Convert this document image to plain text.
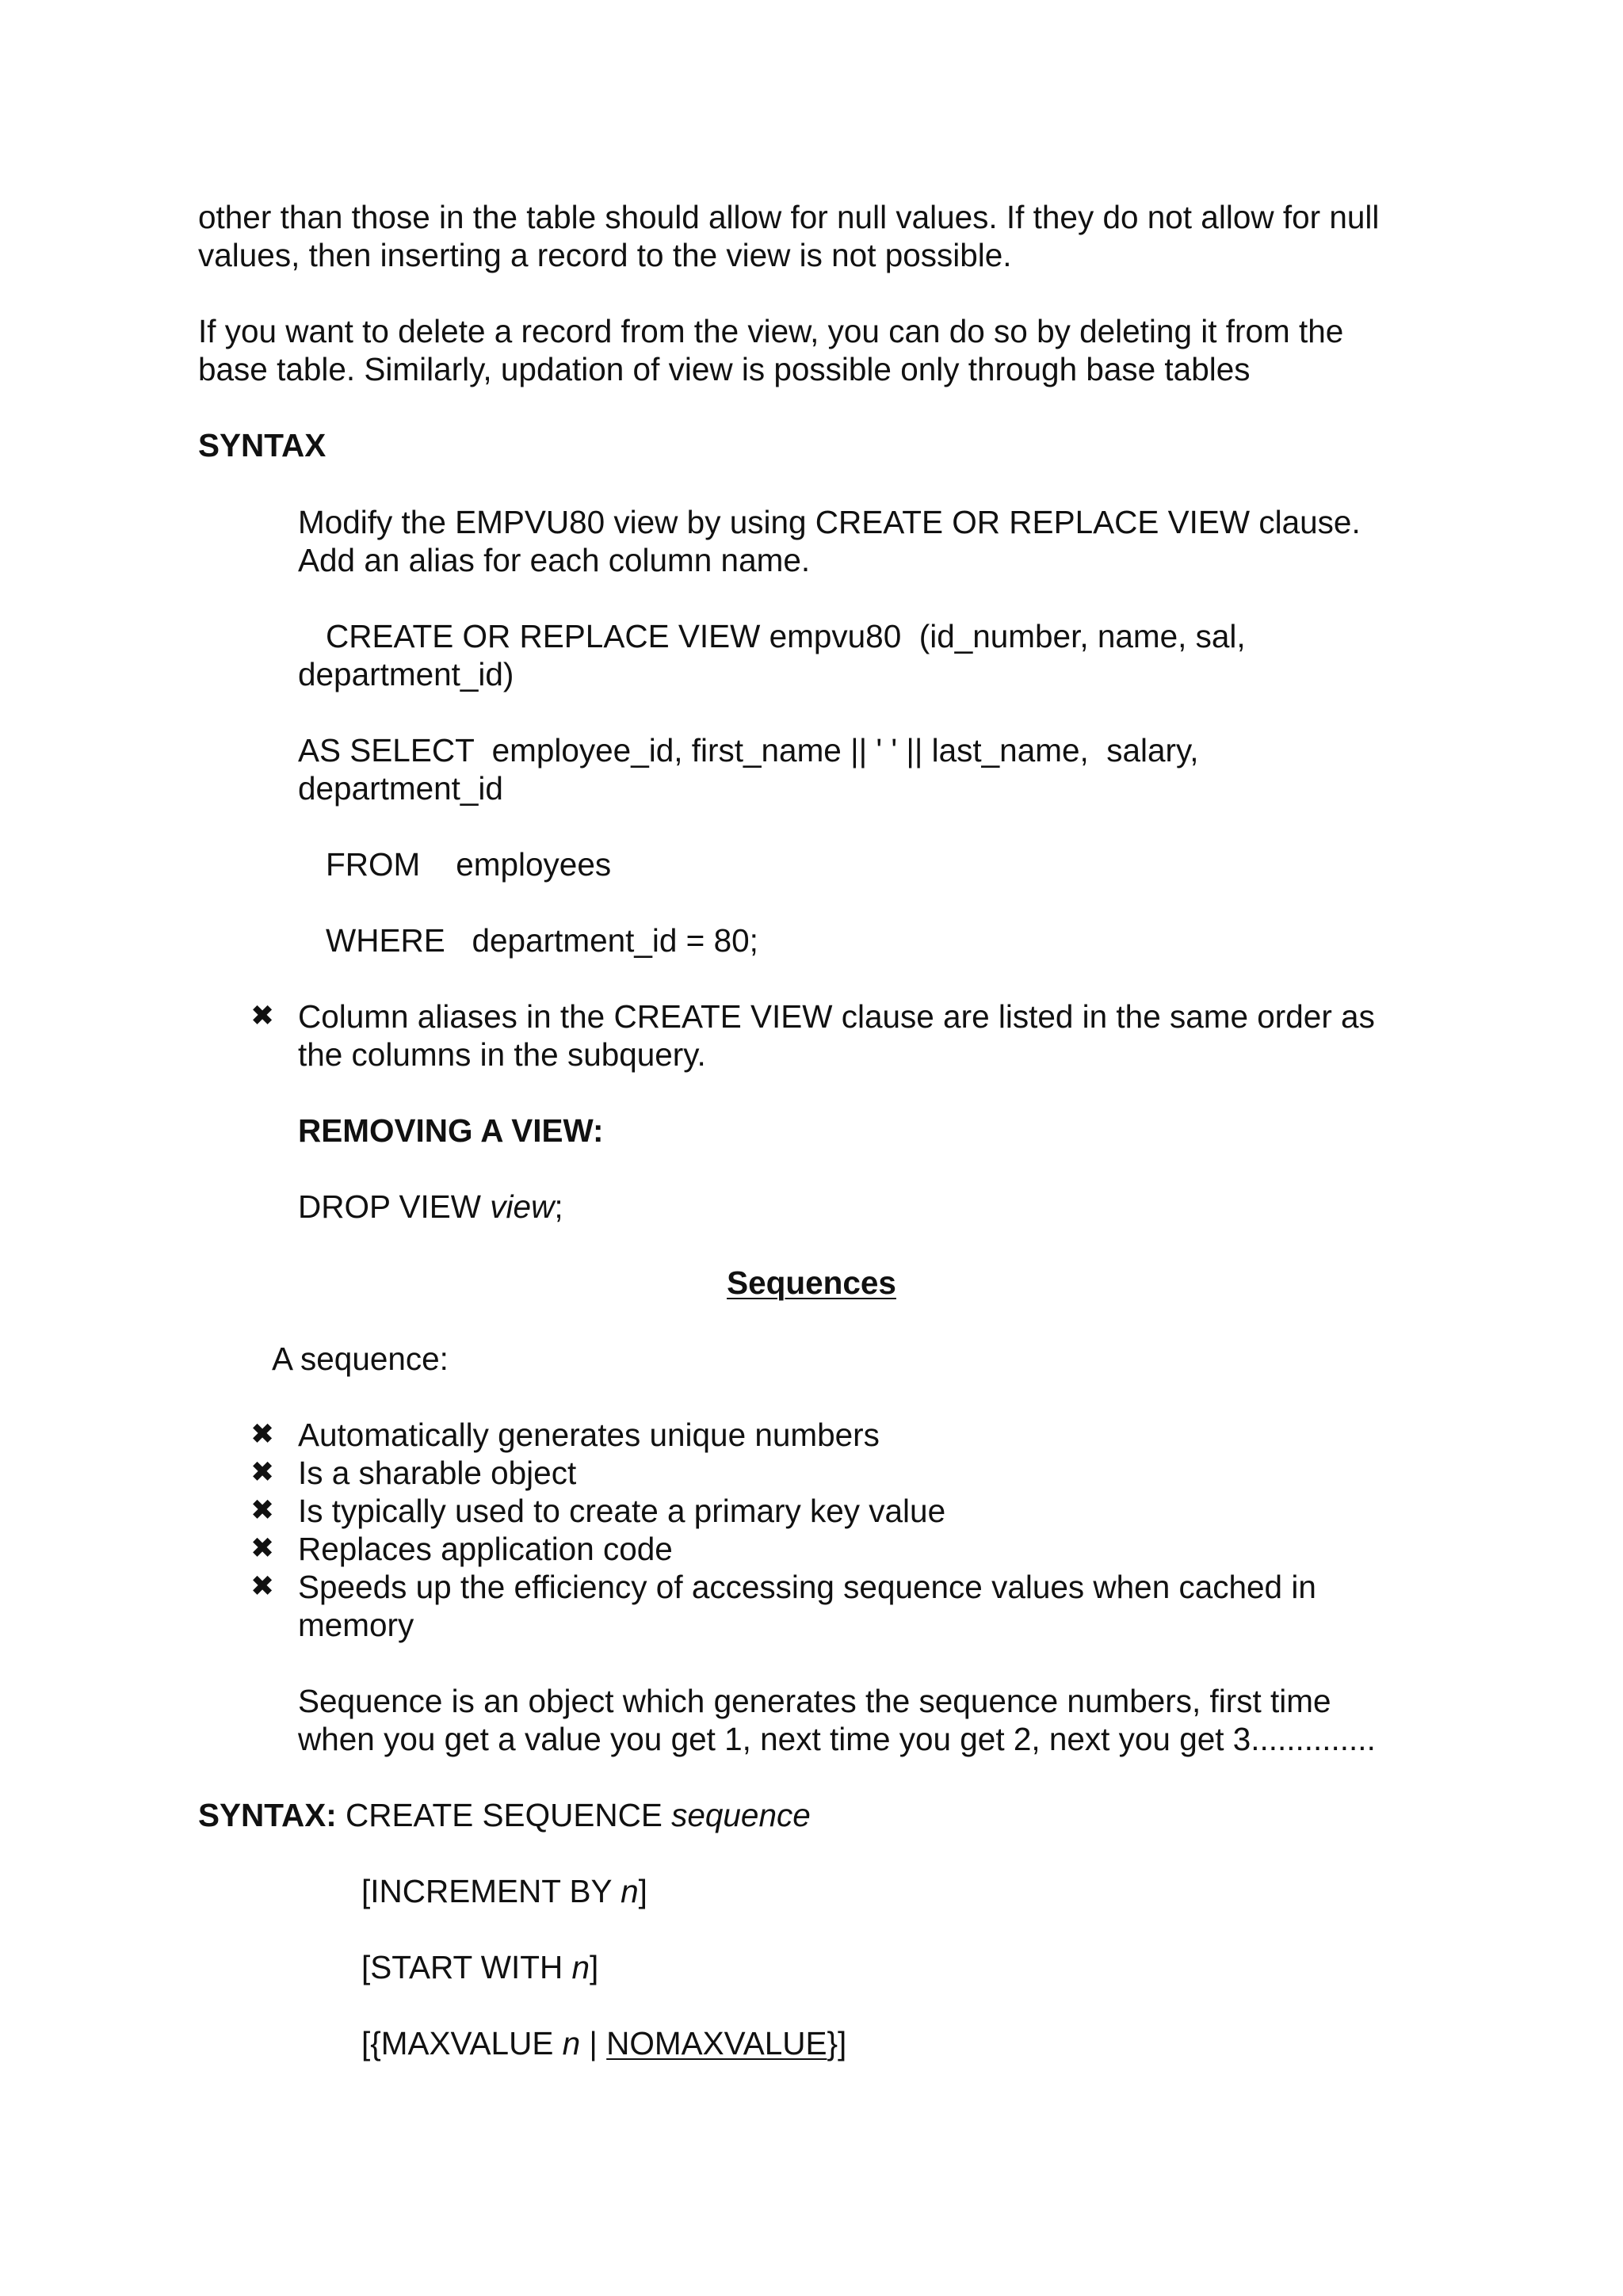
other than those in the table should allow for null values. If they do not allow for null

values, then inserting a record to the view is not possible.

If you want to delete a record from the view, you can do so by deleting it from the

base table. Similarly, updation of view is possible only through base tables

SYNTAX

Modify the EMPVU80 view by using CREATE OR REPLACE VIEW clause.

Add an alias for each column name.

CREATE OR REPLACE VIEW empvu80  (id_number, name, sal,

department_id)

AS SELECT  employee_id, first_name || ' ' || last_name,  salary,

department_id

FROM    employees

WHERE   department_id = 80;

✖ Column aliases in the CREATE VIEW clause are listed in the same order as

the columns in the subquery.

REMOVING A VIEW:

DROP VIEW view;

Sequences

A sequence:

✖ Automatically generates unique numbers

✖ Is a sharable object

✖ Is typically used to create a primary key value

✖ Replaces application code

✖ Speeds up the efficiency of accessing sequence values when cached in

memory

Sequence is an object which generates the sequence numbers, first time

when you get a value you get 1, next time you get 2, next you get 3..............

SYNTAX: CREATE SEQUENCE sequence

[INCREMENT BY n]

[START WITH n]

[{MAXVALUE n | NOMAXVALUE}]
